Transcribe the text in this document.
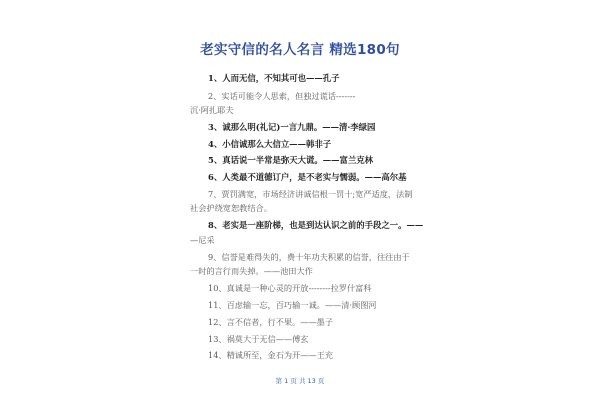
老实守信的名人名言 精选180句
1、人而无信，不知其可也——孔子
2、实话可能令人思索，但独过谎话-------
沉·阿扎耶夫
3、诚那么明(礼记)一言九鼎。——清·李绿园
4、小信诚那么大信立——韩非子
5、真话说一半常是弥天大谎。——富兰克林
6、人类最不道德订户，是不老实与懦弱。——高尔基
7、贾罚满宽，市场经济讲诚信根一罚十;宽严适度，法制
社会护绕宽恕教结合。
8、老实是一座阶梯，也是到达认识之前的手段之一。——
—尼采
9、信誉是难得失的，费十年功夫积累的信誉，往往由于
一时的言行而失掉。——池田大作
10、真诚是一种心灵的开放--------拉罗什富科
11、百虑输一忘，百巧输一诚。——清·顾图河
12、言不信者，行不果。——墨子
13、祸莫大于无信——傅玄
14、精诚所至，金石为开——王充
第 1 页 共 13 页
